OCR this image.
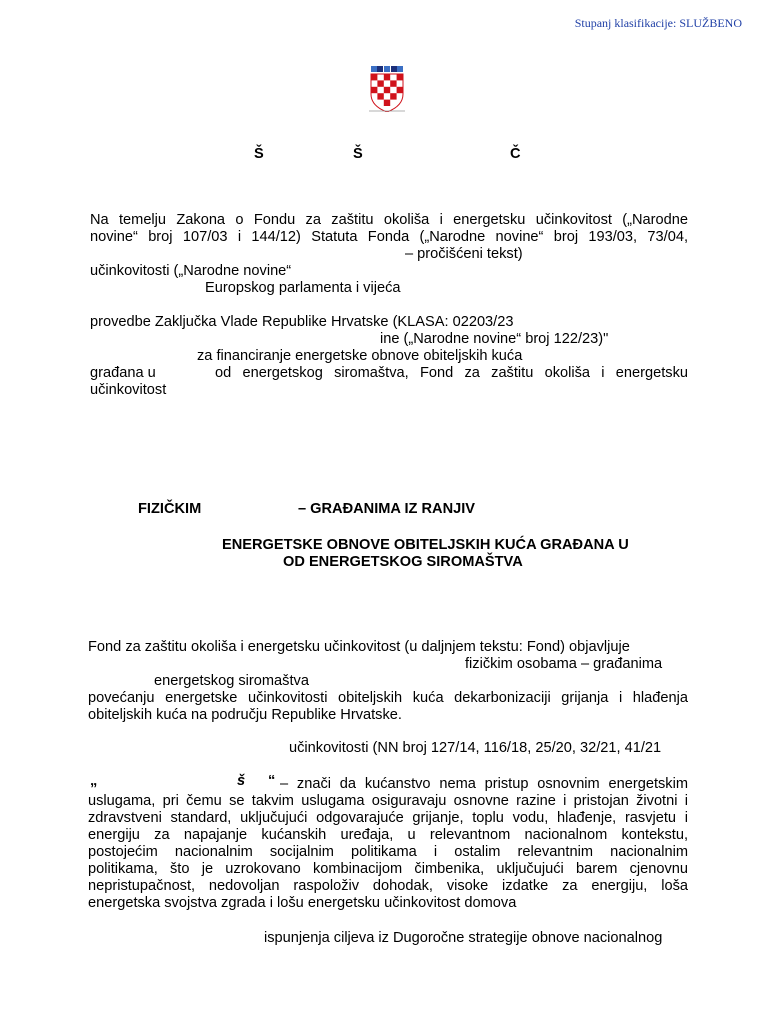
Stupanj klasifikacije: SLUŽBENO
Š	Š	Č
Na temelju Zakona o Fondu za zaštitu okoliša i energetsku učinkovitost („Narodne
novine“ broj 107/03 i 144/12) Statuta Fonda („Narodne novine“ broj 193/03, 73/04,
– pročišćeni tekst)
učinkovitosti („Narodne novine“
Europskog parlamenta i vijeća
provedbe Zaključka Vlade Republike Hrvatske (KLASA: 02203/23
ine („Narodne novine“ broj 122/23)"
za financiranje energetske obnove obiteljskih kuća
građana u	od energetskog siromaštva, Fond za zaštitu okoliša i energetsku
učinkovitost
FIZIČKIM	– GRAĐANIMA IZ RANJIV
ENERGETSKE OBNOVE OBITELJSKIH KUĆA GRAĐANA U
OD ENERGETSKOG SIROMAŠTVA
Fond za zaštitu okoliša i energetsku učinkovitost (u daljnjem tekstu: Fond) objavljuje
fizičkim osobama – građanima
energetskog siromaštva
povećanju energetske učinkovitosti obiteljskih kuća dekarbonizaciji grijanja i hlađenja
obiteljskih kuća na području Republike Hrvatske.
učinkovitosti (NN broj 127/14, 116/18, 25/20, 32/21, 41/21
„	š “ – znači da kućanstvo nema pristup osnovnim energetskim
uslugama, pri čemu se takvim uslugama osiguravaju osnovne razine i pristojan životni i
zdravstveni standard, uključujući odgovarajuće grijanje, toplu vodu, hlađenje, rasvjetu i
energiju za napajanje kućanskih uređaja, u relevantnom nacionalnom kontekstu,
postojećim nacionalnim socijalnim politikama i ostalim relevantnim nacionalnim
politikama, što je uzrokovano kombinacijom čimbenika, uključujući barem cjenovnu
nepristupačnost, nedovoljan raspoloživ dohodak, visoke izdatke za energiju, loša
energetska svojstva zgrada i lošu energetsku učinkovitost domova
ispunjenja ciljeva iz Dugoročne strategije obnove nacionalnog
